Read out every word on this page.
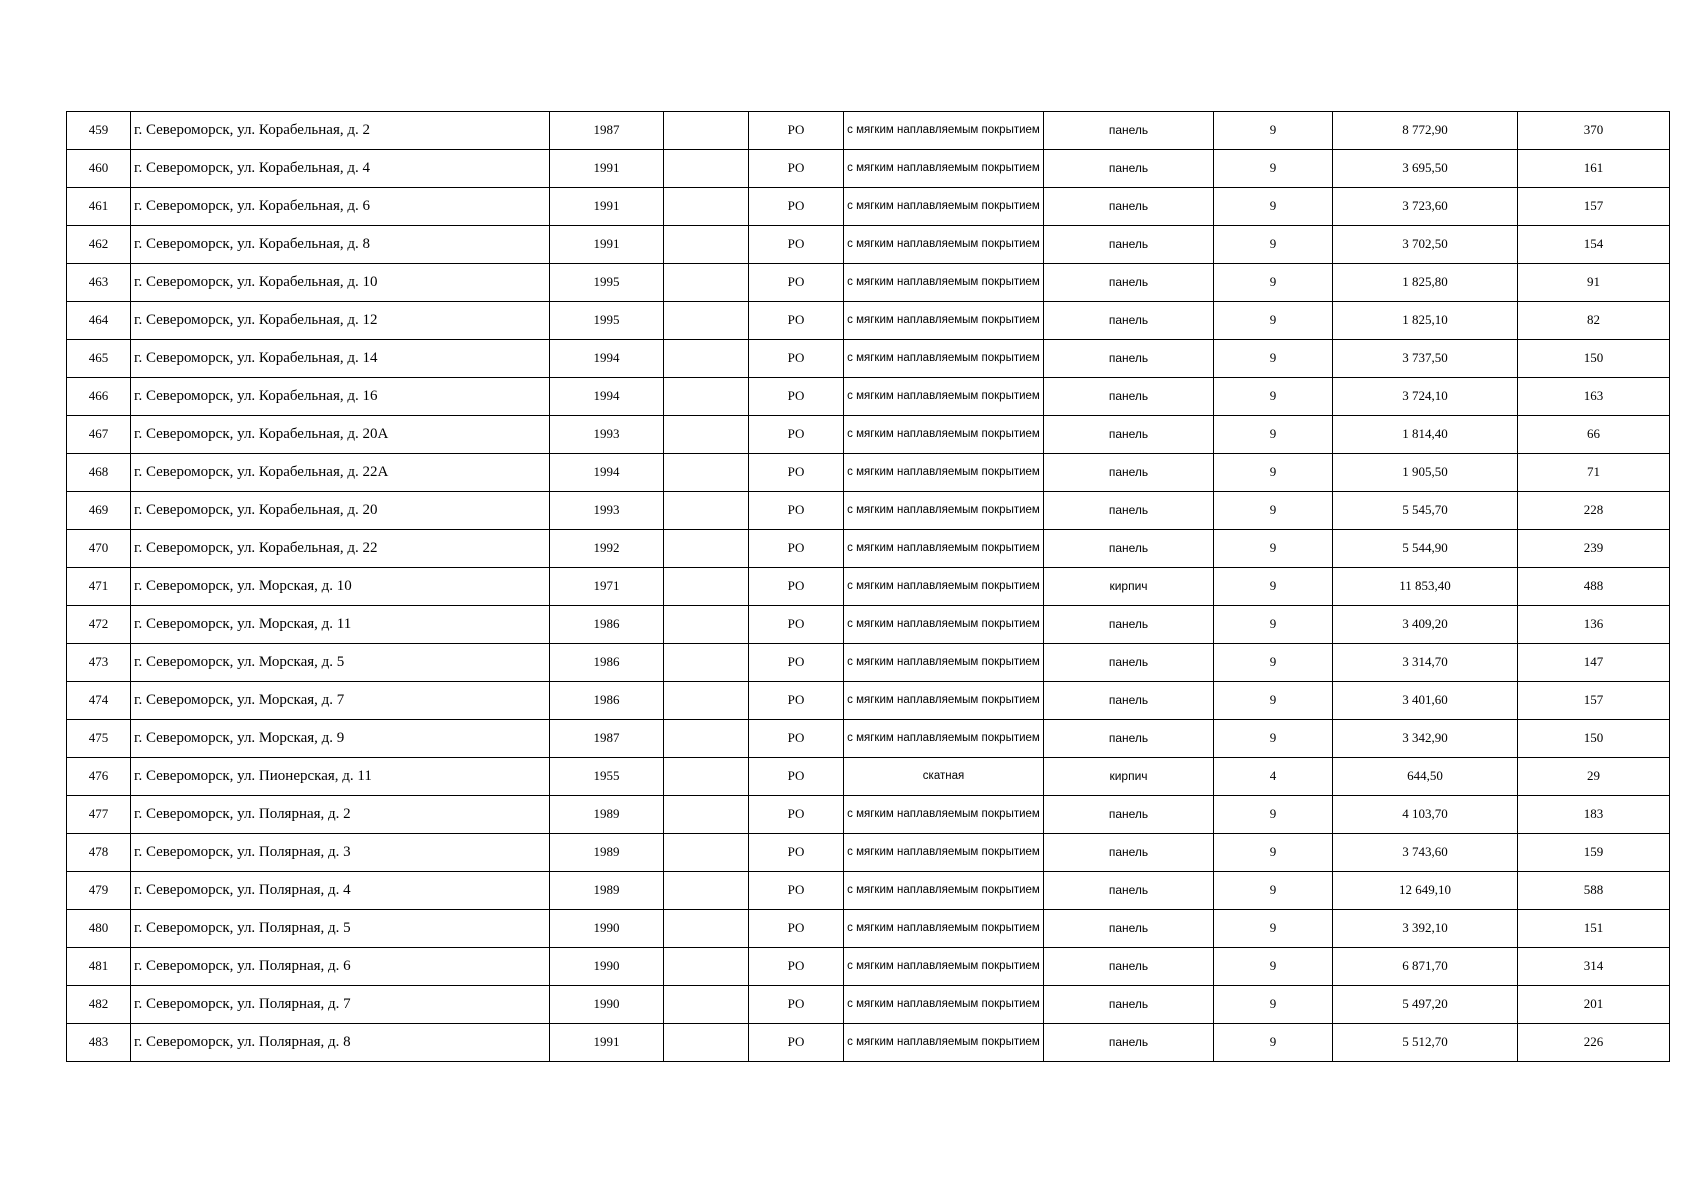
459	г. Североморск, ул. Корабельная, д. 2	1987		РО	с мягким наплавляемым покрытием	панель	9	8 772,90	370
460	г. Североморск, ул. Корабельная, д. 4	1991		РО	с мягким наплавляемым покрытием	панель	9	3 695,50	161
461	г. Североморск, ул. Корабельная, д. 6	1991		РО	с мягким наплавляемым покрытием	панель	9	3 723,60	157
462	г. Североморск, ул. Корабельная, д. 8	1991		РО	с мягким наплавляемым покрытием	панель	9	3 702,50	154
463	г. Североморск, ул. Корабельная, д. 10	1995		РО	с мягким наплавляемым покрытием	панель	9	1 825,80	91
464	г. Североморск, ул. Корабельная, д. 12	1995		РО	с мягким наплавляемым покрытием	панель	9	1 825,10	82
465	г. Североморск, ул. Корабельная, д. 14	1994		РО	с мягким наплавляемым покрытием	панель	9	3 737,50	150
466	г. Североморск, ул. Корабельная, д. 16	1994		РО	с мягким наплавляемым покрытием	панель	9	3 724,10	163
467	г. Североморск, ул. Корабельная, д. 20А	1993		РО	с мягким наплавляемым покрытием	панель	9	1 814,40	66
468	г. Североморск, ул. Корабельная, д. 22А	1994		РО	с мягким наплавляемым покрытием	панель	9	1 905,50	71
469	г. Североморск, ул. Корабельная, д. 20	1993		РО	с мягким наплавляемым покрытием	панель	9	5 545,70	228
470	г. Североморск, ул. Корабельная, д. 22	1992		РО	с мягким наплавляемым покрытием	панель	9	5 544,90	239
471	г. Североморск, ул. Морская, д. 10	1971		РО	с мягким наплавляемым покрытием	кирпич	9	11 853,40	488
472	г. Североморск, ул. Морская, д. 11	1986		РО	с мягким наплавляемым покрытием	панель	9	3 409,20	136
473	г. Североморск, ул. Морская, д. 5	1986		РО	с мягким наплавляемым покрытием	панель	9	3 314,70	147
474	г. Североморск, ул. Морская, д. 7	1986		РО	с мягким наплавляемым покрытием	панель	9	3 401,60	157
475	г. Североморск, ул. Морская, д. 9	1987		РО	с мягким наплавляемым покрытием	панель	9	3 342,90	150
476	г. Североморск, ул. Пионерская, д. 11	1955		РО	скатная	кирпич	4	644,50	29
477	г. Североморск, ул. Полярная, д. 2	1989		РО	с мягким наплавляемым покрытием	панель	9	4 103,70	183
478	г. Североморск, ул. Полярная, д. 3	1989		РО	с мягким наплавляемым покрытием	панель	9	3 743,60	159
479	г. Североморск, ул. Полярная, д. 4	1989		РО	с мягким наплавляемым покрытием	панель	9	12 649,10	588
480	г. Североморск, ул. Полярная, д. 5	1990		РО	с мягким наплавляемым покрытием	панель	9	3 392,10	151
481	г. Североморск, ул. Полярная, д. 6	1990		РО	с мягким наплавляемым покрытием	панель	9	6 871,70	314
482	г. Североморск, ул. Полярная, д. 7	1990		РО	с мягким наплавляемым покрытием	панель	9	5 497,20	201
483	г. Североморск, ул. Полярная, д. 8	1991		РО	с мягким наплавляемым покрытием	панель	9	5 512,70	226
